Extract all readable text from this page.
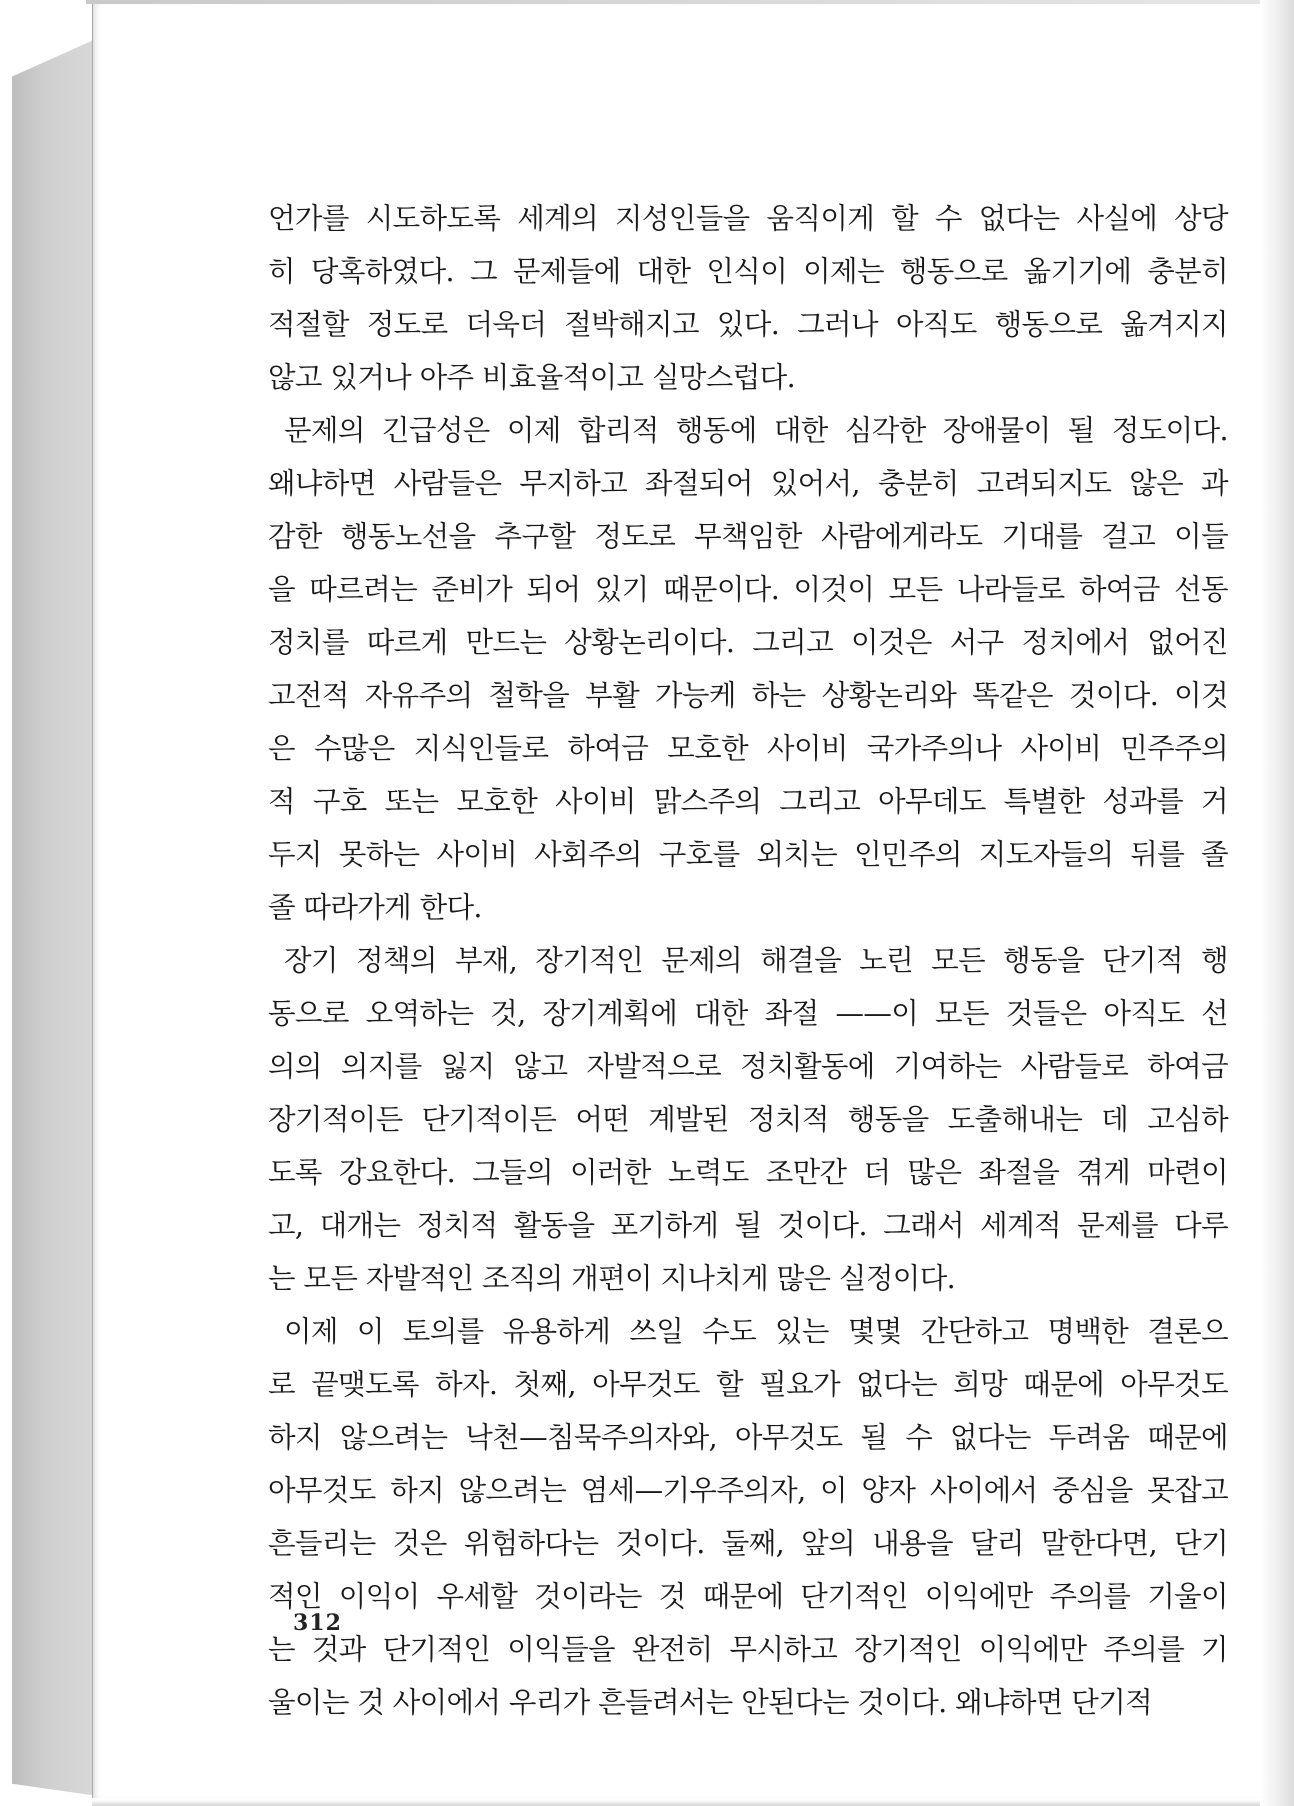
언가를 시도하도록 세계의 지성인들을 움직이게 할 수 없다는 사실에 상당
히 당혹하였다. 그 문제들에 대한 인식이 이제는 행동으로 옮기기에 충분히
적절할 정도로 더욱더 절박해지고 있다. 그러나 아직도 행동으로 옮겨지지
않고 있거나 아주 비효율적이고 실망스럽다.

문제의 긴급성은 이제 합리적 행동에 대한 심각한 장애물이 될 정도이다.
왜냐하면 사람들은 무지하고 좌절되어 있어서, 충분히 고려되지도 않은 과
감한 행동노선을 추구할 정도로 무책임한 사람에게라도 기대를 걸고 이들
을 따르려는 준비가 되어 있기 때문이다. 이것이 모든 나라들로 하여금 선동
정치를 따르게 만드는 상황논리이다. 그리고 이것은 서구 정치에서 없어진
고전적 자유주의 철학을 부활 가능케 하는 상황논리와 똑같은 것이다. 이것
은 수많은 지식인들로 하여금 모호한 사이비 국가주의나 사이비 민주주의
적 구호 또는 모호한 사이비 맑스주의 그리고 아무데도 특별한 성과를 거
두지 못하는 사이비 사회주의 구호를 외치는 인민주의 지도자들의 뒤를 졸
졸 따라가게 한다.

장기 정책의 부재, 장기적인 문제의 해결을 노린 모든 행동을 단기적 행
동으로 오역하는 것, 장기계획에 대한 좌절 ——이 모든 것들은 아직도 선
의의 의지를 잃지 않고 자발적으로 정치활동에 기여하는 사람들로 하여금
장기적이든 단기적이든 어떤 계발된 정치적 행동을 도출해내는 데 고심하
도록 강요한다. 그들의 이러한 노력도 조만간 더 많은 좌절을 겪게 마련이
고, 대개는 정치적 활동을 포기하게 될 것이다. 그래서 세계적 문제를 다루
는 모든 자발적인 조직의 개편이 지나치게 많은 실정이다.

이제 이 토의를 유용하게 쓰일 수도 있는 몇몇 간단하고 명백한 결론으
로 끝맺도록 하자. 첫째, 아무것도 할 필요가 없다는 희망 때문에 아무것도
하지 않으려는 낙천—침묵주의자와, 아무것도 될 수 없다는 두려움 때문에
아무것도 하지 않으려는 염세—기우주의자, 이 양자 사이에서 중심을 못잡고
흔들리는 것은 위험하다는 것이다. 둘째, 앞의 내용을 달리 말한다면, 단기
적인 이익이 우세할 것이라는 것 때문에 단기적인 이익에만 주의를 기울이
는 것과 단기적인 이익들을 완전히 무시하고 장기적인 이익에만 주의를 기
울이는 것 사이에서 우리가 흔들려서는 안된다는 것이다. 왜냐하면 단기적

312
